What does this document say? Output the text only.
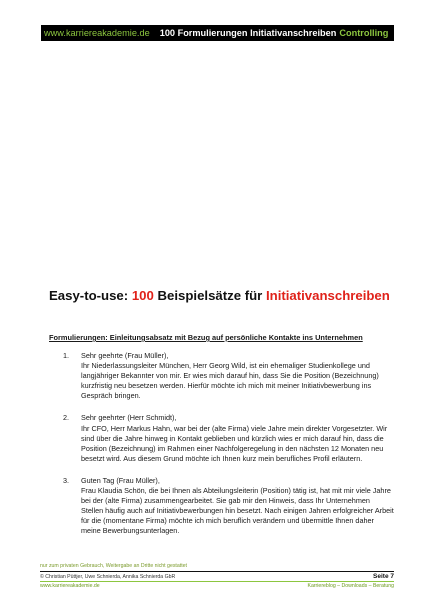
www.karriereakademie.de 100 Formulierungen Initiativanschreiben Controlling
Easy-to-use: 100 Beispielsätze für Initiativanschreiben
Formulierungen: Einleitungsabsatz mit Bezug auf persönliche Kontakte ins Unternehmen
1. Sehr geehrte (Frau Müller),

Ihr Niederlassungsleiter München, Herr Georg Wild, ist ein ehemaliger Studienkollege und langjähriger Bekannter von mir. Er wies mich darauf hin, dass Sie die Position (Bezeichnung) kurzfristig neu besetzen werden. Hierfür möchte ich mich mit meiner Initiativbewerbung ins Gespräch bringen.

2. Sehr geehrter (Herr Schmidt),

Ihr CFO, Herr Markus Hahn, war bei der (alte Firma) viele Jahre mein direkter Vorgesetzter. Wir sind über die Jahre hinweg in Kontakt geblieben und kürzlich wies er mich darauf hin, dass die Position (Bezeichnung) im Rahmen einer Nachfolgeregelung in den nächsten 12 Monaten neu besetzt wird. Aus diesem Grund möchte ich Ihnen kurz mein berufliches Profil erläutern.

3. Guten Tag (Frau Müller),

Frau Klaudia Schön, die bei Ihnen als Abteilungsleiterin (Position) tätig ist, hat mit mir viele Jahre bei der (alte Firma) zusammengearbeitet. Sie gab mir den Hinweis, dass Ihr Unternehmen Stellen häufig auch auf Initiativbewerbungen hin besetzt. Nach einigen Jahren erfolgreicher Arbeit für die (momentane Firma) möchte ich mich beruflich verändern und übermittle Ihnen daher meine Bewerbungsunterlagen.

nur zum privaten Gebrauch, Weitergabe an Dritte nicht gestattet
© Christian Püttjer, Uwe Schnierda, Annika Schnierda GbR	Seite 7
www.karriereakademie.de	Karriereblog – Downloads – Beratung
